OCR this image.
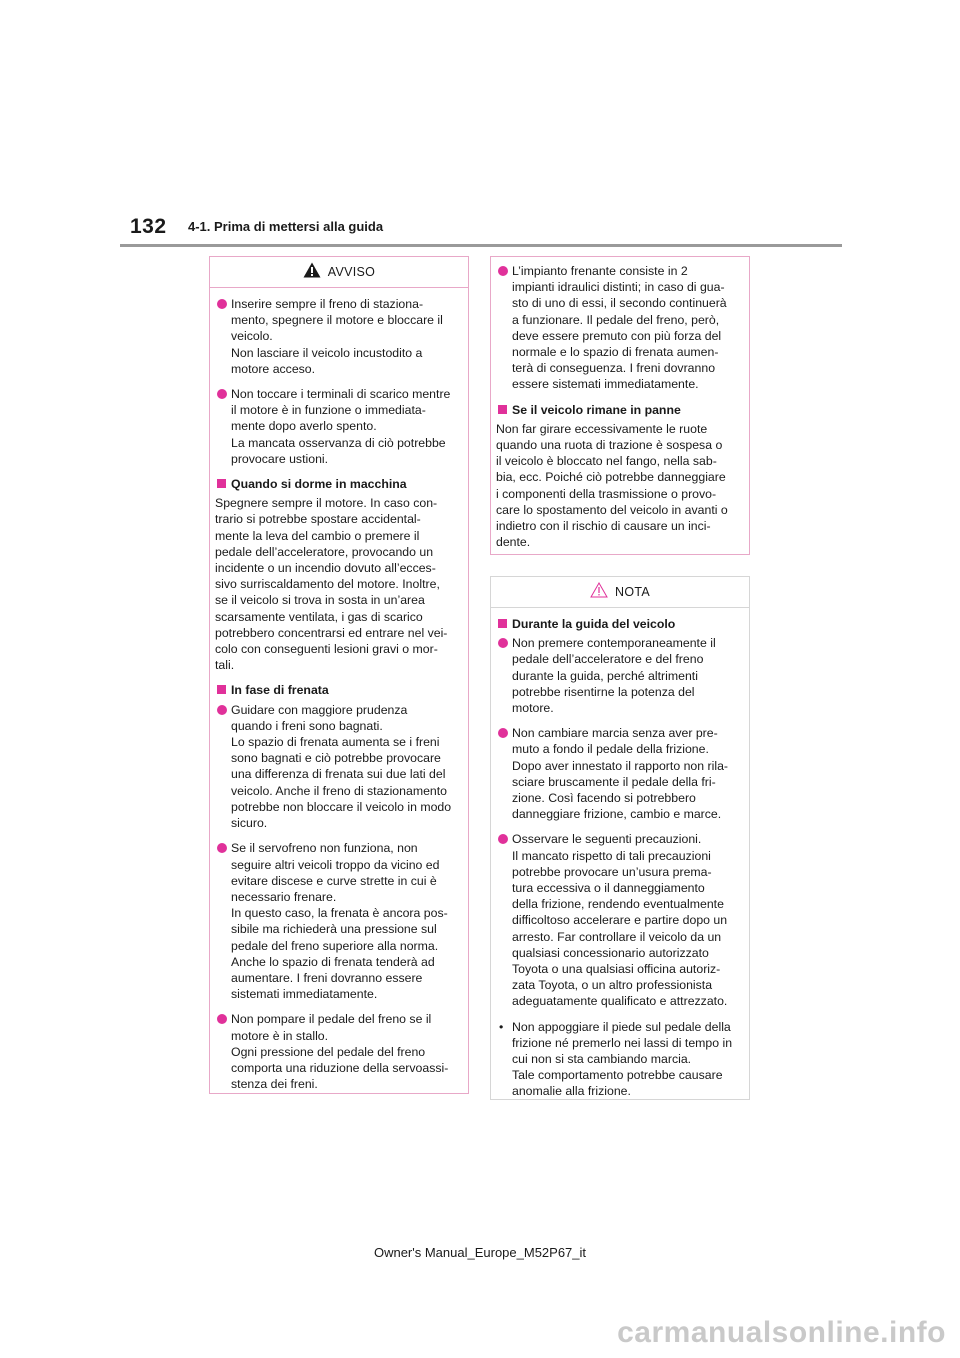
132 4-1. Prima di mettersi alla guida
AVVISO
Inserire sempre il freno di staziona-
mento, spegnere il motore e bloccare il
veicolo.
Non lasciare il veicolo incustodito a
motore acceso.
Non toccare i terminali di scarico mentre
il motore è in funzione o immediata-
mente dopo averlo spento.
La mancata osservanza di ciò potrebbe
provocare ustioni.
Quando si dorme in macchina
Spegnere sempre il motore. In caso con-
trario si potrebbe spostare accidental-
mente la leva del cambio o premere il
pedale dell’acceleratore, provocando un
incidente o un incendio dovuto all’ecces-
sivo surriscaldamento del motore. Inoltre,
se il veicolo si trova in sosta in un’area
scarsamente ventilata, i gas di scarico
potrebbero concentrarsi ed entrare nel vei-
colo con conseguenti lesioni gravi o mor-
tali.
In fase di frenata
Guidare con maggiore prudenza
quando i freni sono bagnati.
Lo spazio di frenata aumenta se i freni
sono bagnati e ciò potrebbe provocare
una differenza di frenata sui due lati del
veicolo. Anche il freno di stazionamento
potrebbe non bloccare il veicolo in modo
sicuro.
Se il servofreno non funziona, non
seguire altri veicoli troppo da vicino ed
evitare discese e curve strette in cui è
necessario frenare.
In questo caso, la frenata è ancora pos-
sibile ma richiederà una pressione sul
pedale del freno superiore alla norma.
Anche lo spazio di frenata tenderà ad
aumentare. I freni dovranno essere
sistemati immediatamente.
Non pompare il pedale del freno se il
motore è in stallo.
Ogni pressione del pedale del freno
comporta una riduzione della servoassi-
stenza dei freni.
L’impianto frenante consiste in 2
impianti idraulici distinti; in caso di gua-
sto di uno di essi, il secondo continuerà
a funzionare. Il pedale del freno, però,
deve essere premuto con più forza del
normale e lo spazio di frenata aumen-
terà di conseguenza. I freni dovranno
essere sistemati immediatamente.
Se il veicolo rimane in panne
Non far girare eccessivamente le ruote
quando una ruota di trazione è sospesa o
il veicolo è bloccato nel fango, nella sab-
bia, ecc. Poiché ciò potrebbe danneggiare
i componenti della trasmissione o provo-
care lo spostamento del veicolo in avanti o
indietro con il rischio di causare un inci-
dente.
NOTA
Durante la guida del veicolo
Non premere contemporaneamente il
pedale dell’acceleratore e del freno
durante la guida, perché altrimenti
potrebbe risentirne la potenza del
motore.
Non cambiare marcia senza aver pre-
muto a fondo il pedale della frizione.
Dopo aver innestato il rapporto non rila-
sciare bruscamente il pedale della fri-
zione. Così facendo si potrebbero
danneggiare frizione, cambio e marce.
Osservare le seguenti precauzioni.
Il mancato rispetto di tali precauzioni
potrebbe provocare un’usura prema-
tura eccessiva o il danneggiamento
della frizione, rendendo eventualmente
difficoltoso accelerare e partire dopo un
arresto. Far controllare il veicolo da un
qualsiasi concessionario autorizzato
Toyota o una qualsiasi officina autoriz-
zata Toyota, o un altro professionista
adeguatamente qualificato e attrezzato.
• Non appoggiare il piede sul pedale della
frizione né premerlo nei lassi di tempo in
cui non si sta cambiando marcia.
Tale comportamento potrebbe causare
anomalie alla frizione.
Owner's Manual_Europe_M52P67_it
carmanualsonline.info
